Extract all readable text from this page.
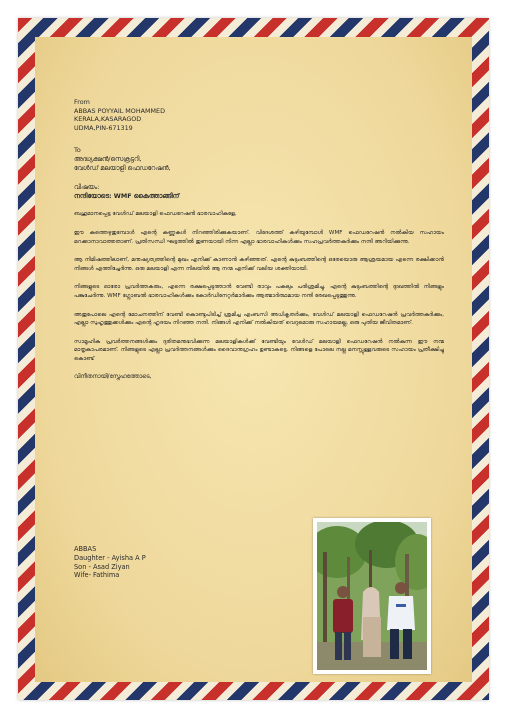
From
ABBAS POYYAIL MOHAMMED
KERALA,KASARAGOD
UDMA,PIN-671319
To
അദ്ധ്യക്ഷൻ/സെക്രട്ടറി,
വേൾഡ് മലയാളി ഫെഡറേഷൻ,
വിഷയം:
നന്ദിയോടെ: WMF കൈത്താങ്ങിന്
ബഹുമാനപ്പെട്ട വേൾഡ് മലയാളി ഫെഡറേഷൻ ഭാരവാഹികളേ,
ഈ കത്തെഴുതുമ്പോൾ എന്റെ കണ്ണുകൾ നിറഞ്ഞിരിക്കുകയാണ്. വിദേശത്ത് കഴിയുമ്പോൾ WMF ഫെഡറേഷൻ നൽകിയ സഹായം മറക്കാനാവാത്തതാണ്. പ്രതിസന്ധി ഘട്ടത്തിൽ തുണയായി നിന്ന എല്ലാ ഭാരവാഹികൾക്കും സഹപ്രവർത്തകർക്കും നന്ദി അറിയിക്കുന്നു.
ആ നിമിഷത്തിലാണ്, മനുഷ്യത്വത്തിന്റെ മുഖം എനിക്ക് കാണാൻ കഴിഞ്ഞത്. എന്റെ കുടുംബത്തിന്റെ ഒരേയൊരു ആശ്രയമായ എന്നെ രക്ഷിക്കാൻ നിങ്ങൾ എത്തിച്ചേർന്നു. ഒരു മലയാളി എന്ന നിലയിൽ ആ നന്മ എനിക്ക് വലിയ ശക്തിയായി.
നിങ്ങളുടെ ഓരോ പ്രവർത്തകരും, എന്നെ രക്ഷപ്പെടുത്താൻ വേണ്ടി രാവും പകലും പരിശ്രമിച്ചു. എന്റെ കുടുംബത്തിന്റെ ദുഃഖത്തിൽ നിങ്ങളും പങ്കുചേർന്നു. WMF ഗ്ലോബൽ ഭാരവാഹികൾക്കും കോർഡിനേറ്റർമാർക്കും ആത്മാർത്ഥമായ നന്ദി രേഖപ്പെടുത്തുന്നു.
അതുപോലെ എന്റെ മോചനത്തിന് വേണ്ടി കൊണ്ടുപിടിച്ച് ശ്രമിച്ച എംബസി അധികൃതർക്കും, വേൾഡ് മലയാളി ഫെഡറേഷൻ പ്രവർത്തകർക്കും, എല്ലാ സുഹൃത്തുക്കൾക്കും എന്റെ ഹൃദയം നിറഞ്ഞ നന്ദി. നിങ്ങൾ എനിക്ക് നൽകിയത് വെറുമൊരു സഹായമല്ല, ഒരു പുതിയ ജീവിതമാണ്.
സാമൂഹിക പ്രവർത്തനങ്ങൾക്കും ദുരിതമനുഭവിക്കുന്ന മലയാളികൾക്ക് വേണ്ടിയും വേൾഡ് മലയാളി ഫെഡറേഷൻ നൽകുന്ന ഈ നന്മ മാതൃകാപരമാണ്. നിങ്ങളുടെ എല്ലാ പ്രവർത്തനങ്ങൾക്കും ദൈവാനുഗ്രഹം ഉണ്ടാകട്ടെ. നിങ്ങളെ പോലെ നല്ല മനസ്സുള്ളവരുടെ സഹായം പ്രതീക്ഷിച്ചു കൊണ്ട്
വിനീതനായി/സ്നേഹത്തോടെ,
ABBAS
Daughter - Ayisha A P
Son - Asad Ziyan
Wife- Fathima
